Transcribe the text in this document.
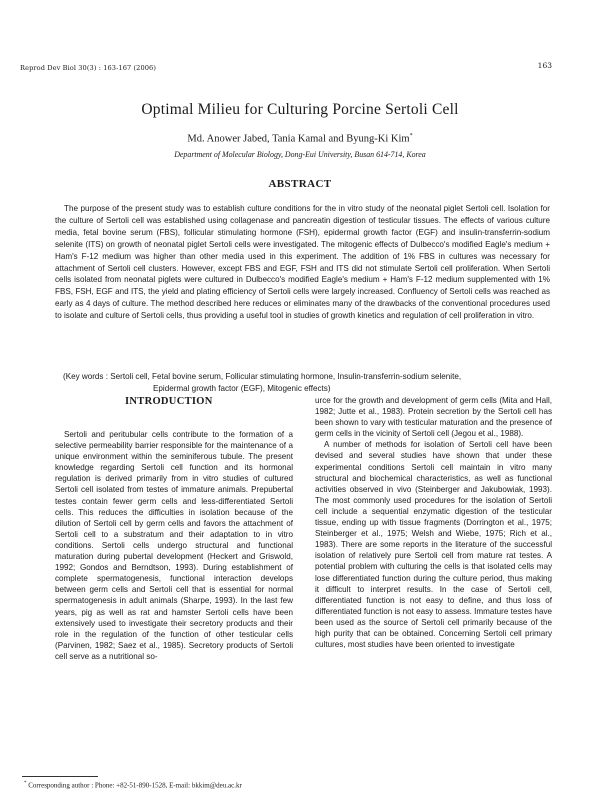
Reprod Dev Biol 30(3) : 163-167 (2006)	163
Optimal Milieu for Culturing Porcine Sertoli Cell
Md. Anower Jabed, Tania Kamal and Byung-Ki Kim*
Department of Molecular Biology, Dong-Eui University, Busan 614-714, Korea
ABSTRACT

The purpose of the present study was to establish culture conditions for the in vitro study of the neonatal piglet Sertoli cell. Isolation for the culture of Sertoli cell was established using collagenase and pancreatin digestion of testicular tissues. The effects of various culture media, fetal bovine serum (FBS), follicular stimulating hormone (FSH), epidermal growth factor (EGF) and insulin-transferrin-sodium selenite (ITS) on growth of neonatal piglet Sertoli cells were investigated. The mitogenic effects of Dulbecco's modified Eagle's medium + Ham's F-12 medium was higher than other media used in this experiment. The addition of 1% FBS in cultures was necessary for attachment of Sertoli cell clusters. However, except FBS and EGF, FSH and ITS did not stimulate Sertoli cell proliferation. When Sertoli cells isolated from neonatal piglets were cultured in Dulbecco's modified Eagle's medium + Ham's F-12 medium supplemented with 1% FBS, FSH, EGF and ITS, the yield and plating efficiency of Sertoli cells were largely increased. Confluency of Sertoli cells was reached as early as 4 days of culture. The method described here reduces or eliminates many of the drawbacks of the conventional procedures used to isolate and culture of Sertoli cells, thus providing a useful tool in studies of growth kinetics and regulation of cell proliferation in vitro.

(Key words : Sertoli cell, Fetal bovine serum, Follicular stimulating hormone, Insulin-transferrin-sodium selenite,
Epidermal growth factor (EGF), Mitogenic effects)
INTRODUCTION

Sertoli and peritubular cells contribute to the formation of a selective permeability barrier responsible for the maintenance of a unique environment within the seminiferous tubule. The present knowledge regarding Sertoli cell function and its hormonal regulation is derived primarily from in vitro studies of cultured Sertoli cell isolated from testes of immature animals. Prepubertal testes contain fewer germ cells and less-differentiated Sertoli cells. This reduces the difficulties in isolation because of the dilution of Sertoli cell by germ cells and favors the attachment of Sertoli cell to a substratum and their adaptation to in vitro conditions. Sertoli cells undergo structural and functional maturation during pubertal development (Heckert and Griswold, 1992; Gondos and Berndtson, 1993). During establishment of complete spermatogenesis, functional interaction develops between germ cells and Sertoli cell that is essential for normal spermatogenesis in adult animals (Sharpe, 1993). In the last few years, pig as well as rat and hamster Sertoli cells have been extensively used to investigate their secretory products and their role in the regulation of the function of other testicular cells (Parvinen, 1982; Saez et al., 1985). Secretory products of Sertoli cell serve as a nutritional so-

urce for the growth and development of germ cells (Mita and Hall, 1982; Jutte et al., 1983). Protein secretion by the Sertoli cell has been shown to vary with testicular maturation and the presence of germ cells in the vicinity of Sertoli cell (Jegou et al., 1988).

A number of methods for isolation of Sertoli cell have been devised and several studies have shown that under these experimental conditions Sertoli cell maintain in vitro many structural and biochemical characteristics, as well as functional activities observed in vivo (Steinberger and Jakubowiak, 1993). The most commonly used procedures for the isolation of Sertoli cell include a sequential enzymatic digestion of the testicular tissue, ending up with tissue fragments (Dorrington et al., 1975; Steinberger et al., 1975; Welsh and Wiebe, 1975; Rich et al., 1983). There are some reports in the literature of the successful isolation of relatively pure Sertoli cell from mature rat testes. A potential problem with culturing the cells is that isolated cells may lose differentiated function during the culture period, thus making it difficult to interpret results. In the case of Sertoli cell, differentiated function is not easy to define, and thus loss of differentiated function is not easy to assess. Immature testes have been used as the source of Sertoli cell primarily because of the high purity that can be obtained. Concerning Sertoli cell primary cultures, most studies have been oriented to investigate

* Corresponding author : Phone: +82-51-890-1528, E-mail: bkkim@deu.ac.kr
